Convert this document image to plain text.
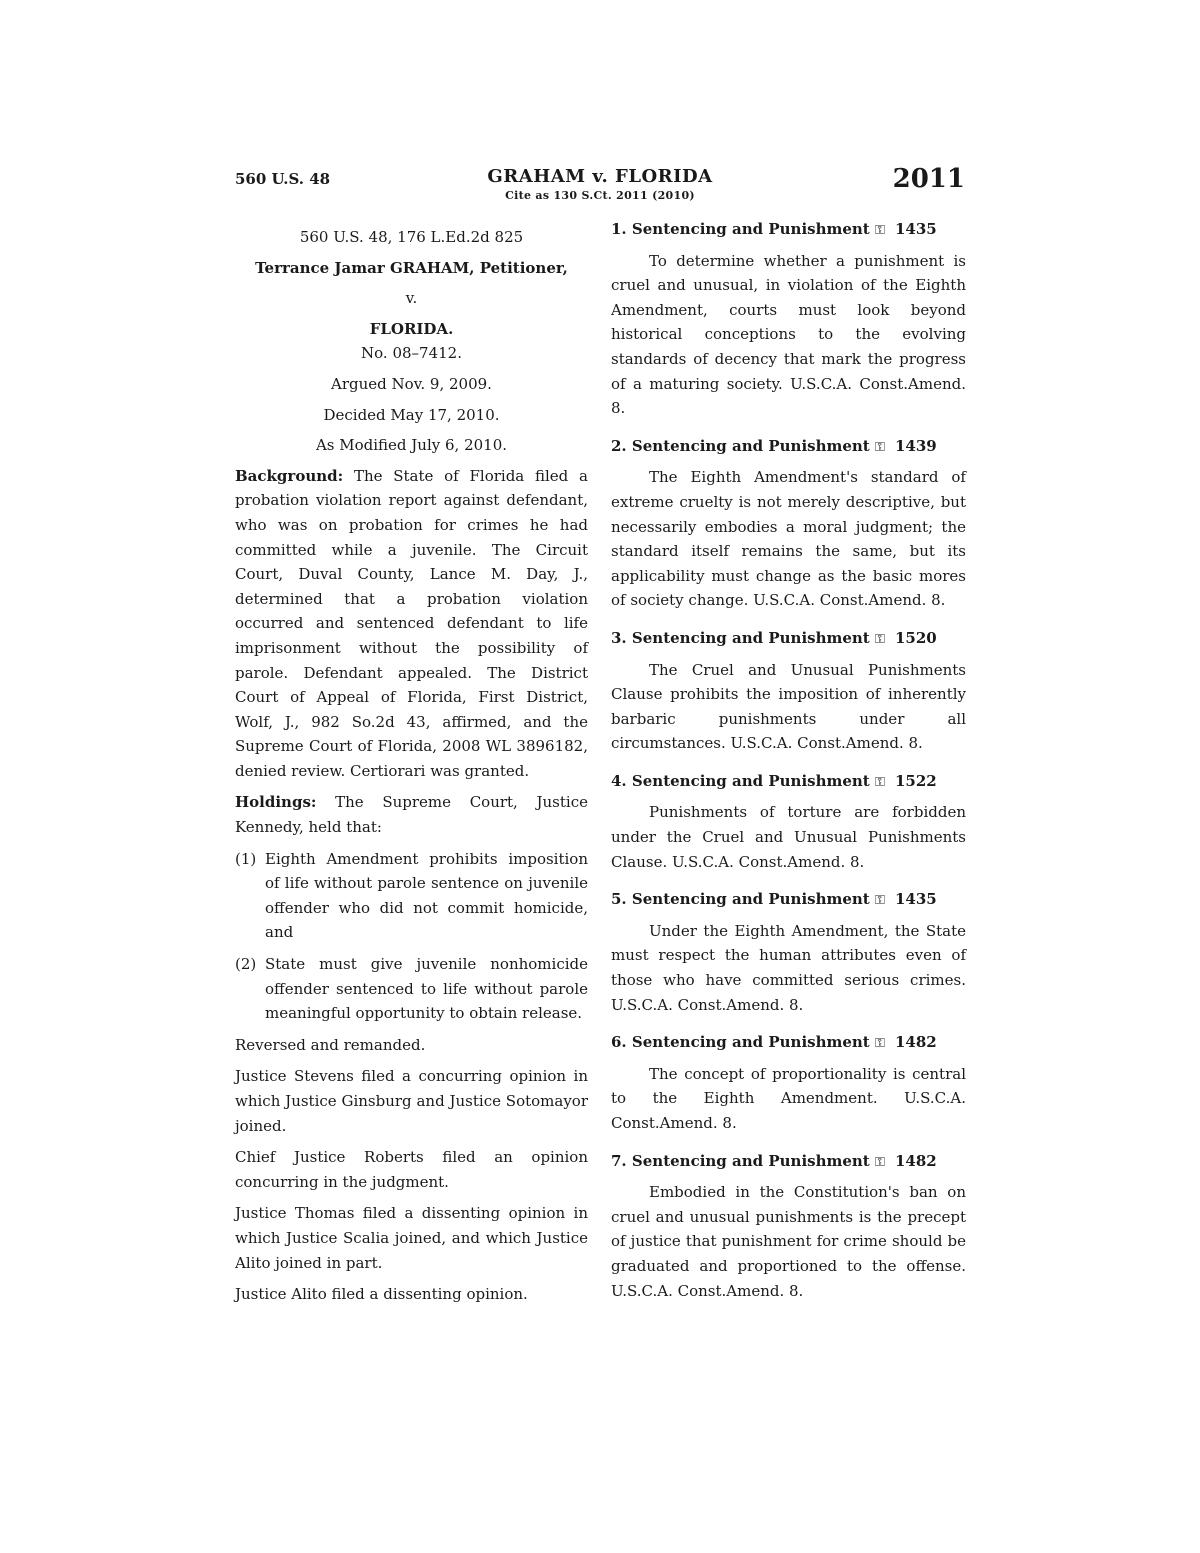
560 U.S. 48	GRAHAM v. FLORIDA
Cite as 130 S.Ct. 2011 (2010)
2011
560 U.S. 48, 176 L.Ed.2d 825
Terrance Jamar GRAHAM, Petitioner,
v.
FLORIDA.
No. 08–7412.
Argued Nov. 9, 2009.
Decided May 17, 2010.
As Modified July 6, 2010.

Background: The State of Florida filed a probation violation report against defendant, who was on probation for crimes he had committed while a juvenile. The Circuit Court, Duval County, Lance M. Day, J., determined that a probation violation occurred and sentenced defendant to life imprisonment without the possibility of parole. Defendant appealed. The District Court of Appeal of Florida, First District, Wolf, J., 982 So.2d 43, affirmed, and the Supreme Court of Florida, 2008 WL 3896182, denied review. Certiorari was granted.

Holdings: The Supreme Court, Justice Kennedy, held that:

(1) Eighth Amendment prohibits imposition of life without parole sentence on juvenile offender who did not commit homicide, and
(2) State must give juvenile nonhomicide offender sentenced to life without parole meaningful opportunity to obtain release.

Reversed and remanded.

Justice Stevens filed a concurring opinion in which Justice Ginsburg and Justice Sotomayor joined.

Chief Justice Roberts filed an opinion concurring in the judgment.

Justice Thomas filed a dissenting opinion in which Justice Scalia joined, and which Justice Alito joined in part.

Justice Alito filed a dissenting opinion.

1. Sentencing and Punishment ⚿ 1435

To determine whether a punishment is cruel and unusual, in violation of the Eighth Amendment, courts must look beyond historical conceptions to the evolving standards of decency that mark the progress of a maturing society. U.S.C.A. Const.Amend. 8.

2. Sentencing and Punishment ⚿ 1439

The Eighth Amendment's standard of extreme cruelty is not merely descriptive, but necessarily embodies a moral judgment; the standard itself remains the same, but its applicability must change as the basic mores of society change. U.S.C.A. Const.Amend. 8.

3. Sentencing and Punishment ⚿ 1520

The Cruel and Unusual Punishments Clause prohibits the imposition of inherently barbaric punishments under all circumstances. U.S.C.A. Const.Amend. 8.

4. Sentencing and Punishment ⚿ 1522

Punishments of torture are forbidden under the Cruel and Unusual Punishments Clause. U.S.C.A. Const.Amend. 8.

5. Sentencing and Punishment ⚿ 1435

Under the Eighth Amendment, the State must respect the human attributes even of those who have committed serious crimes. U.S.C.A. Const.Amend. 8.

6. Sentencing and Punishment ⚿ 1482

The concept of proportionality is central to the Eighth Amendment. U.S.C.A. Const.Amend. 8.

7. Sentencing and Punishment ⚿ 1482

Embodied in the Constitution's ban on cruel and unusual punishments is the precept of justice that punishment for crime should be graduated and proportioned to the offense. U.S.C.A. Const.Amend. 8.
